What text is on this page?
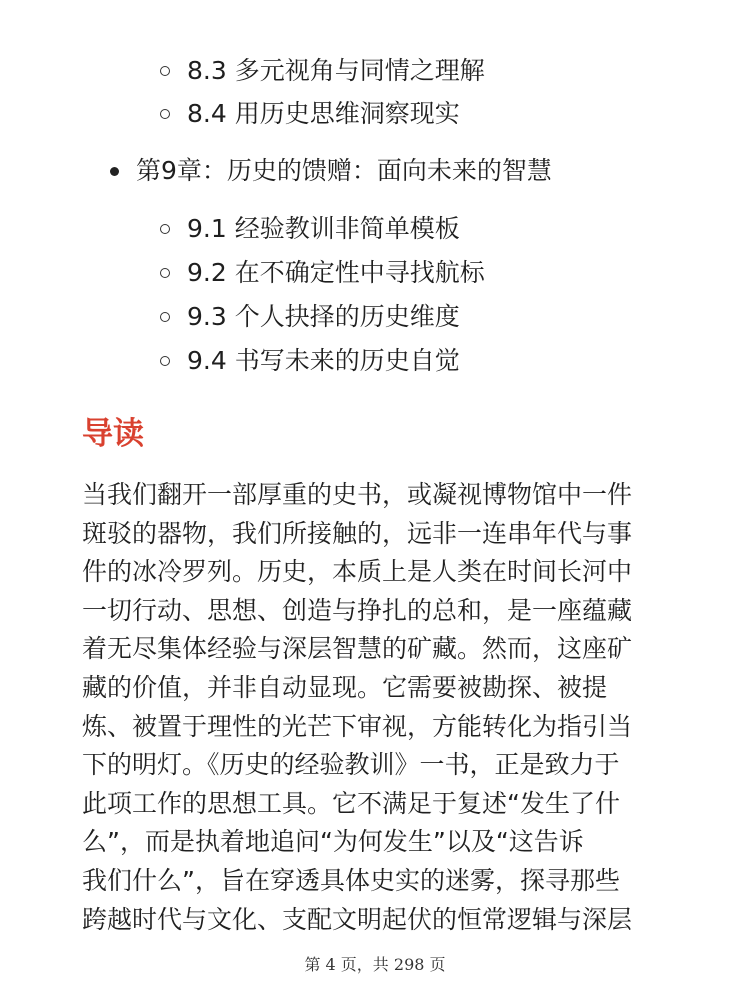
8.3 多元视角与同情之理解
8.4 用历史思维洞察现实
第9章：历史的馈赠：面向未来的智慧
9.1 经验教训非简单模板
9.2 在不确定性中寻找航标
9.3 个人抉择的历史维度
9.4 书写未来的历史自觉
导读

当我们翻开一部厚重的史书，或凝视博物馆中一件
斑驳的器物，我们所接触的，远非一连串年代与事
件的冰冷罗列。历史，本质上是人类在时间长河中
一切行动、思想、创造与挣扎的总和，是一座蕴藏
着无尽集体经验与深层智慧的矿藏。然而，这座矿
藏的价值，并非自动显现。它需要被勘探、被提
炼、被置于理性的光芒下审视，方能转化为指引当
下的明灯。《历史的经验教训》一书，正是致力于
此项工作的思想工具。它不满足于复述“发生了什
么”，而是执着地追问“为何发生”以及“这告诉
我们什么”，旨在穿透具体史实的迷雾，探寻那些
跨越时代与文化、支配文明起伏的恒常逻辑与深层

第 4 页，共 298 页
